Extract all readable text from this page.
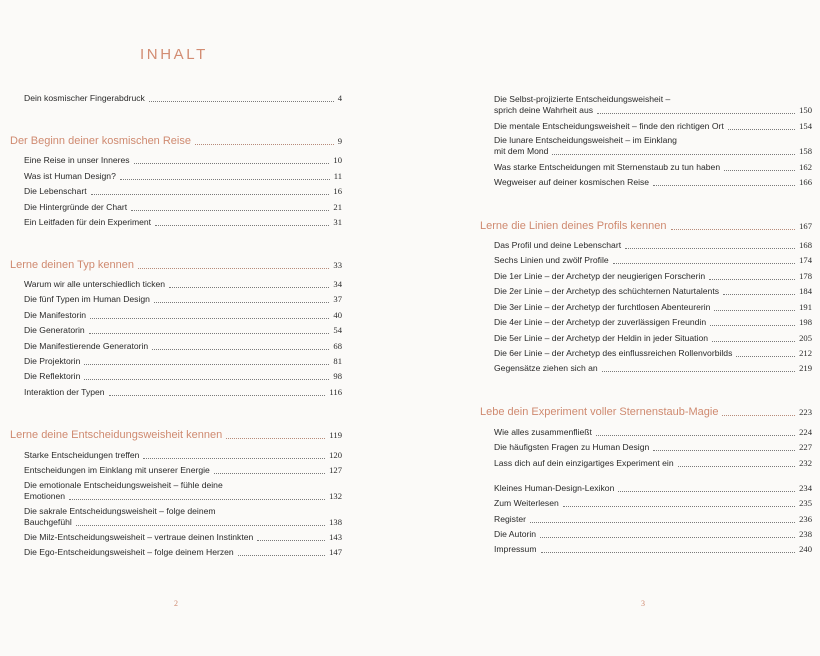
INHALT
Dein kosmischer Fingerabdruck	4
Der Beginn deiner kosmischen Reise	9
Eine Reise in unser Inneres	10
Was ist Human Design?	11
Die Lebenschart	16
Die Hintergründe der Chart	21
Ein Leitfaden für dein Experiment	31
Lerne deinen Typ kennen	33
Warum wir alle unterschiedlich ticken	34
Die fünf Typen im Human Design	37
Die Manifestorin	40
Die Generatorin	54
Die Manifestierende Generatorin	68
Die Projektorin	81
Die Reflektorin	98
Interaktion der Typen	116
Lerne deine Entscheidungsweisheit kennen	119
Starke Entscheidungen treffen	120
Entscheidungen im Einklang mit unserer Energie	127
Die emotionale Entscheidungsweisheit – fühle deine
Emotionen	132
Die sakrale Entscheidungsweisheit – folge deinem
Bauchgefühl	138
Die Milz-Entscheidungsweisheit – vertraue deinen Instinkten	143
Die Ego-Entscheidungsweisheit – folge deinem Herzen	147
2
Die Selbst-projizierte Entscheidungsweisheit –
sprich deine Wahrheit aus	150
Die mentale Entscheidungsweisheit – finde den richtigen Ort	154
Die lunare Entscheidungsweisheit – im Einklang
mit dem Mond	158
Was starke Entscheidungen mit Sternenstaub zu tun haben	162
Wegweiser auf deiner kosmischen Reise	166
Lerne die Linien deines Profils kennen	167
Das Profil und deine Lebenschart	168
Sechs Linien und zwölf Profile	174
Die 1er Linie – der Archetyp der neugierigen Forscherin	178
Die 2er Linie – der Archetyp des schüchternen Naturtalents	184
Die 3er Linie – der Archetyp der furchtlosen Abenteurerin	191
Die 4er Linie – der Archetyp der zuverlässigen Freundin	198
Die 5er Linie – der Archetyp der Heldin in jeder Situation	205
Die 6er Linie – der Archetyp des einflussreichen Rollenvorbilds	212
Gegensätze ziehen sich an	219
Lebe dein Experiment voller Sternenstaub-Magie	223
Wie alles zusammenfließt	224
Die häufigsten Fragen zu Human Design	227
Lass dich auf dein einzigartiges Experiment ein	232
Kleines Human-Design-Lexikon	234
Zum Weiterlesen	235
Register	236
Die Autorin	238
Impressum	240
3
